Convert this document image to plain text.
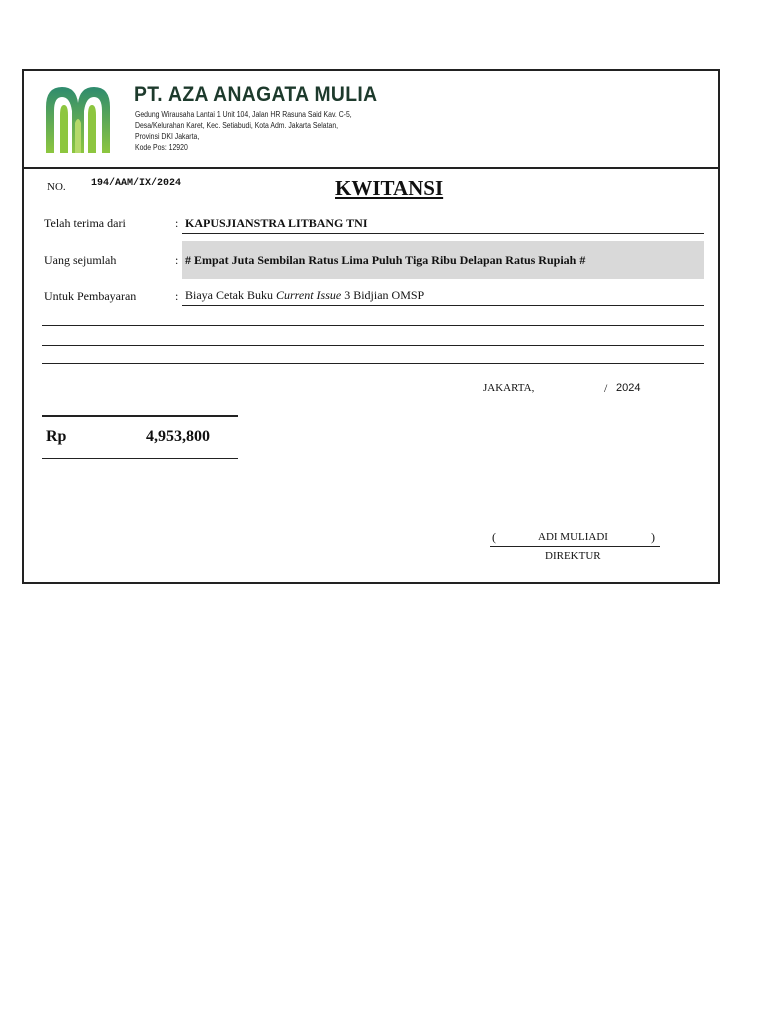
PT. AZA ANAGATA MULIA
Gedung Wirausaha Lantai 1 Unit 104, Jalan HR Rasuna Said Kav. C-5,
Desa/Kelurahan Karet, Kec. Setiabudi, Kota Adm. Jakarta Selatan,
Provinsi DKI Jakarta,
Kode Pos: 12920
NO.	194/AAM/IX/2024	KWITANSI
Telah terima dari	: KAPUSJIANSTRA LITBANG TNI
Uang sejumlah	: # Empat Juta Sembilan Ratus Lima Puluh Tiga Ribu Delapan Ratus Rupiah #
Untuk Pembayaran	: Biaya Cetak Buku Current Issue 3 Bidjian OMSP
JAKARTA,	/ 2024
Rp	4,953,800
(	ADI MULIADI	)
DIREKTUR
